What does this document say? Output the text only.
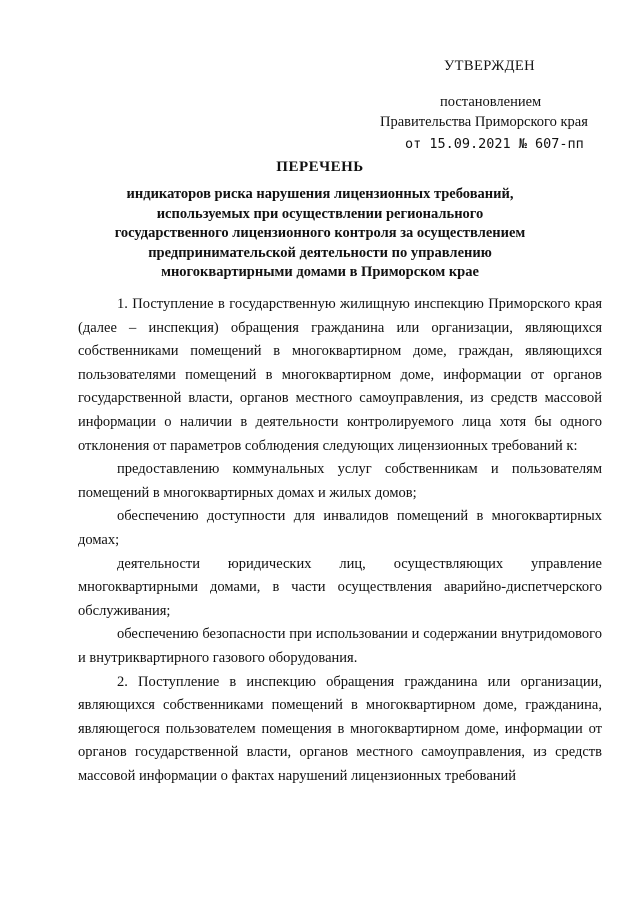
УТВЕРЖДЕН
постановлением
Правительства Приморского края
от 15.09.2021 № 607-пп
ПЕРЕЧЕНЬ
индикаторов риска нарушения лицензионных требований, используемых при осуществлении регионального государственного лицензионного контроля за осуществлением предпринимательской деятельности по управлению многоквартирными домами в Приморском крае

1. Поступление в государственную жилищную инспекцию Приморского края (далее – инспекция) обращения гражданина или организации, являющихся собственниками помещений в многоквартирном доме, граждан, являющихся пользователями помещений в многоквартирном доме, информации от органов государственной власти, органов местного самоуправления, из средств массовой информации о наличии в деятельности контролируемого лица хотя бы одного отклонения от параметров соблюдения следующих лицензионных требований к:

предоставлению коммунальных услуг собственникам и пользователям помещений в многоквартирных домах и жилых домов;

обеспечению доступности для инвалидов помещений в многоквартирных домах;

деятельности юридических лиц, осуществляющих управление многоквартирными домами, в части осуществления аварийно-диспетчерского обслуживания;

обеспечению безопасности при использовании и содержании внутридомового и внутриквартирного газового оборудования.

2. Поступление в инспекцию обращения гражданина или организации, являющихся собственниками помещений в многоквартирном доме, гражданина, являющегося пользователем помещения в многоквартирном доме, информации от органов государственной власти, органов местного самоуправления, из средств массовой информации о фактах нарушений лицензионных требований
